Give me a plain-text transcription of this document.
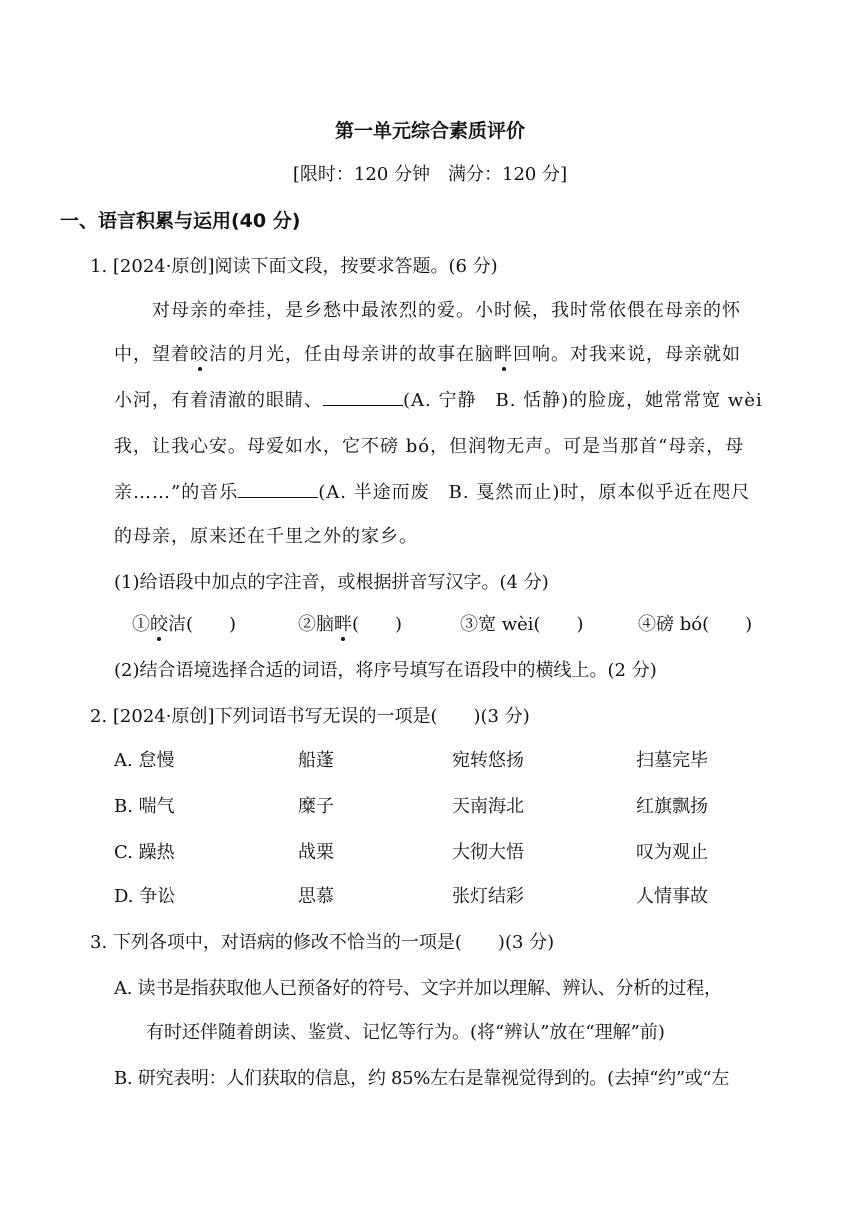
第一单元综合素质评价
[限时：120 分钟　满分：120 分]
一、语言积累与运用(40 分)
1. [2024·原创]阅读下面文段，按要求答题。(6 分)
对母亲的牵挂，是乡愁中最浓烈的爱。小时候，我时常依偎在母亲的怀
中，望着皎洁的月光，任由母亲讲的故事在脑畔回响。对我来说，母亲就如
小河，有着清澈的眼睛、	(A. 宁静　B. 恬静)的脸庞，她常常宽 wèi
我，让我心安。母爱如水，它不磅 bó，但润物无声。可是当那首“母亲，母
亲……”的音乐	(A. 半途而废　B. 戛然而止)时，原本似乎近在咫尺
的母亲，原来还在千里之外的家乡。
(1)给语段中加点的字注音，或根据拼音写汉字。(4 分)
①皎洁(　　)	②脑畔(　　)	③宽 wèi(　　)	④磅 bó(　　)
(2)结合语境选择合适的词语，将序号填写在语段中的横线上。(2 分)
2. [2024·原创]下列词语书写无误的一项是(　　)(3 分)
A. 怠慢	船蓬	宛转悠扬	扫墓完毕
B. 喘气	糜子	天南海北	红旗飘扬
C. 躁热	战栗	大彻大悟	叹为观止
D. 争讼	思慕	张灯结彩	人情事故
3. 下列各项中，对语病的修改不恰当的一项是(　　)(3 分)
A. 读书是指获取他人已预备好的符号、文字并加以理解、辨认、分析的过程，
有时还伴随着朗读、鉴赏、记忆等行为。(将“辨认”放在“理解”前)
B. 研究表明：人们获取的信息，约 85%左右是靠视觉得到的。(去掉“约”或“左
